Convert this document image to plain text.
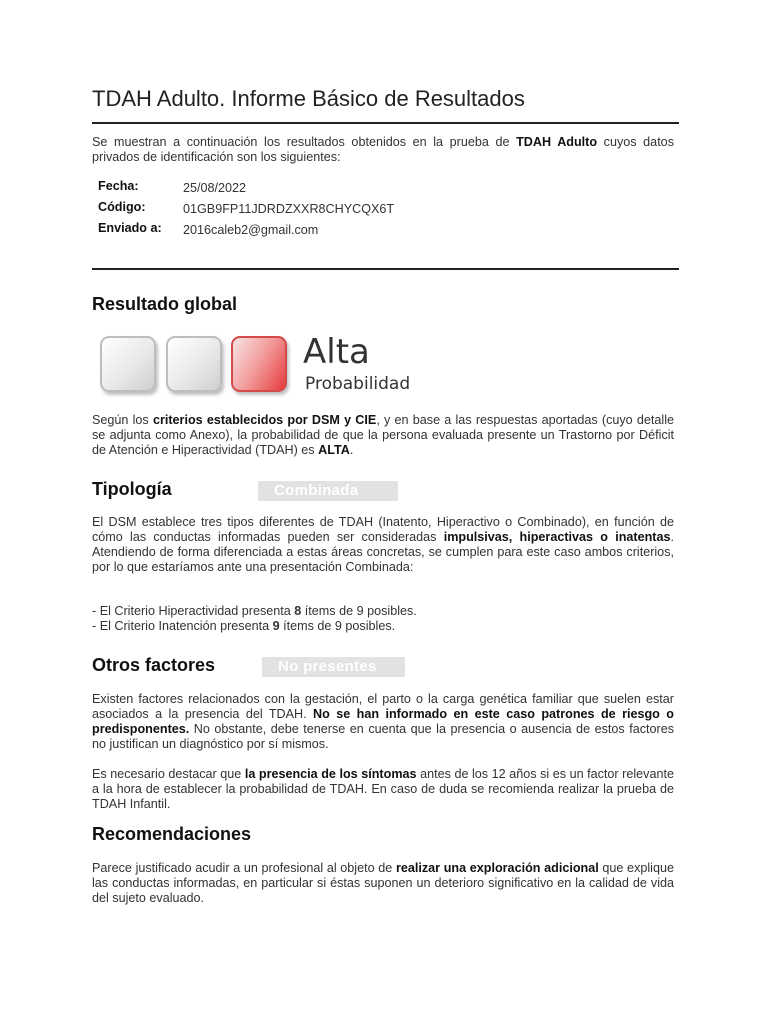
TDAH Adulto. Informe Básico de Resultados
Se muestran a continuación los resultados obtenidos en la prueba de TDAH Adulto cuyos datos privados de identificación son los siguientes:
Fecha:	25/08/2022
Código:	01GB9FP11JDRDZXXR8CHYCQX6T
Enviado a: 2016caleb2@gmail.com
Resultado global
Alta
Probabilidad
Según los criterios establecidos por DSM y CIE, y en base a las respuestas aportadas (cuyo detalle se adjunta como Anexo), la probabilidad de que la persona evaluada presente un Trastorno por Déficit de Atención e Hiperactividad (TDAH) es ALTA.
Tipología	Combinada
El DSM establece tres tipos diferentes de TDAH (Inatento, Hiperactivo o Combinado), en función de cómo las conductas informadas pueden ser consideradas impulsivas, hiperactivas o inatentas. Atendiendo de forma diferenciada a estas áreas concretas, se cumplen para este caso ambos criterios, por lo que estaríamos ante una presentación Combinada:
- El Criterio Hiperactividad presenta 8 ítems de 9 posibles.
- El Criterio Inatención presenta 9 ítems de 9 posibles.
Otros factores	No presentes
Existen factores relacionados con la gestación, el parto o la carga genética familiar que suelen estar asociados a la presencia del TDAH. No se han informado en este caso patrones de riesgo o predisponentes. No obstante, debe tenerse en cuenta que la presencia o ausencia de estos factores no justifican un diagnóstico por sí mismos.
Es necesario destacar que la presencia de los síntomas antes de los 12 años si es un factor relevante a la hora de establecer la probabilidad de TDAH. En caso de duda se recomienda realizar la prueba de TDAH Infantil.
Recomendaciones
Parece justificado acudir a un profesional al objeto de realizar una exploración adicional que explique las conductas informadas, en particular si éstas suponen un deterioro significativo en la calidad de vida del sujeto evaluado.
